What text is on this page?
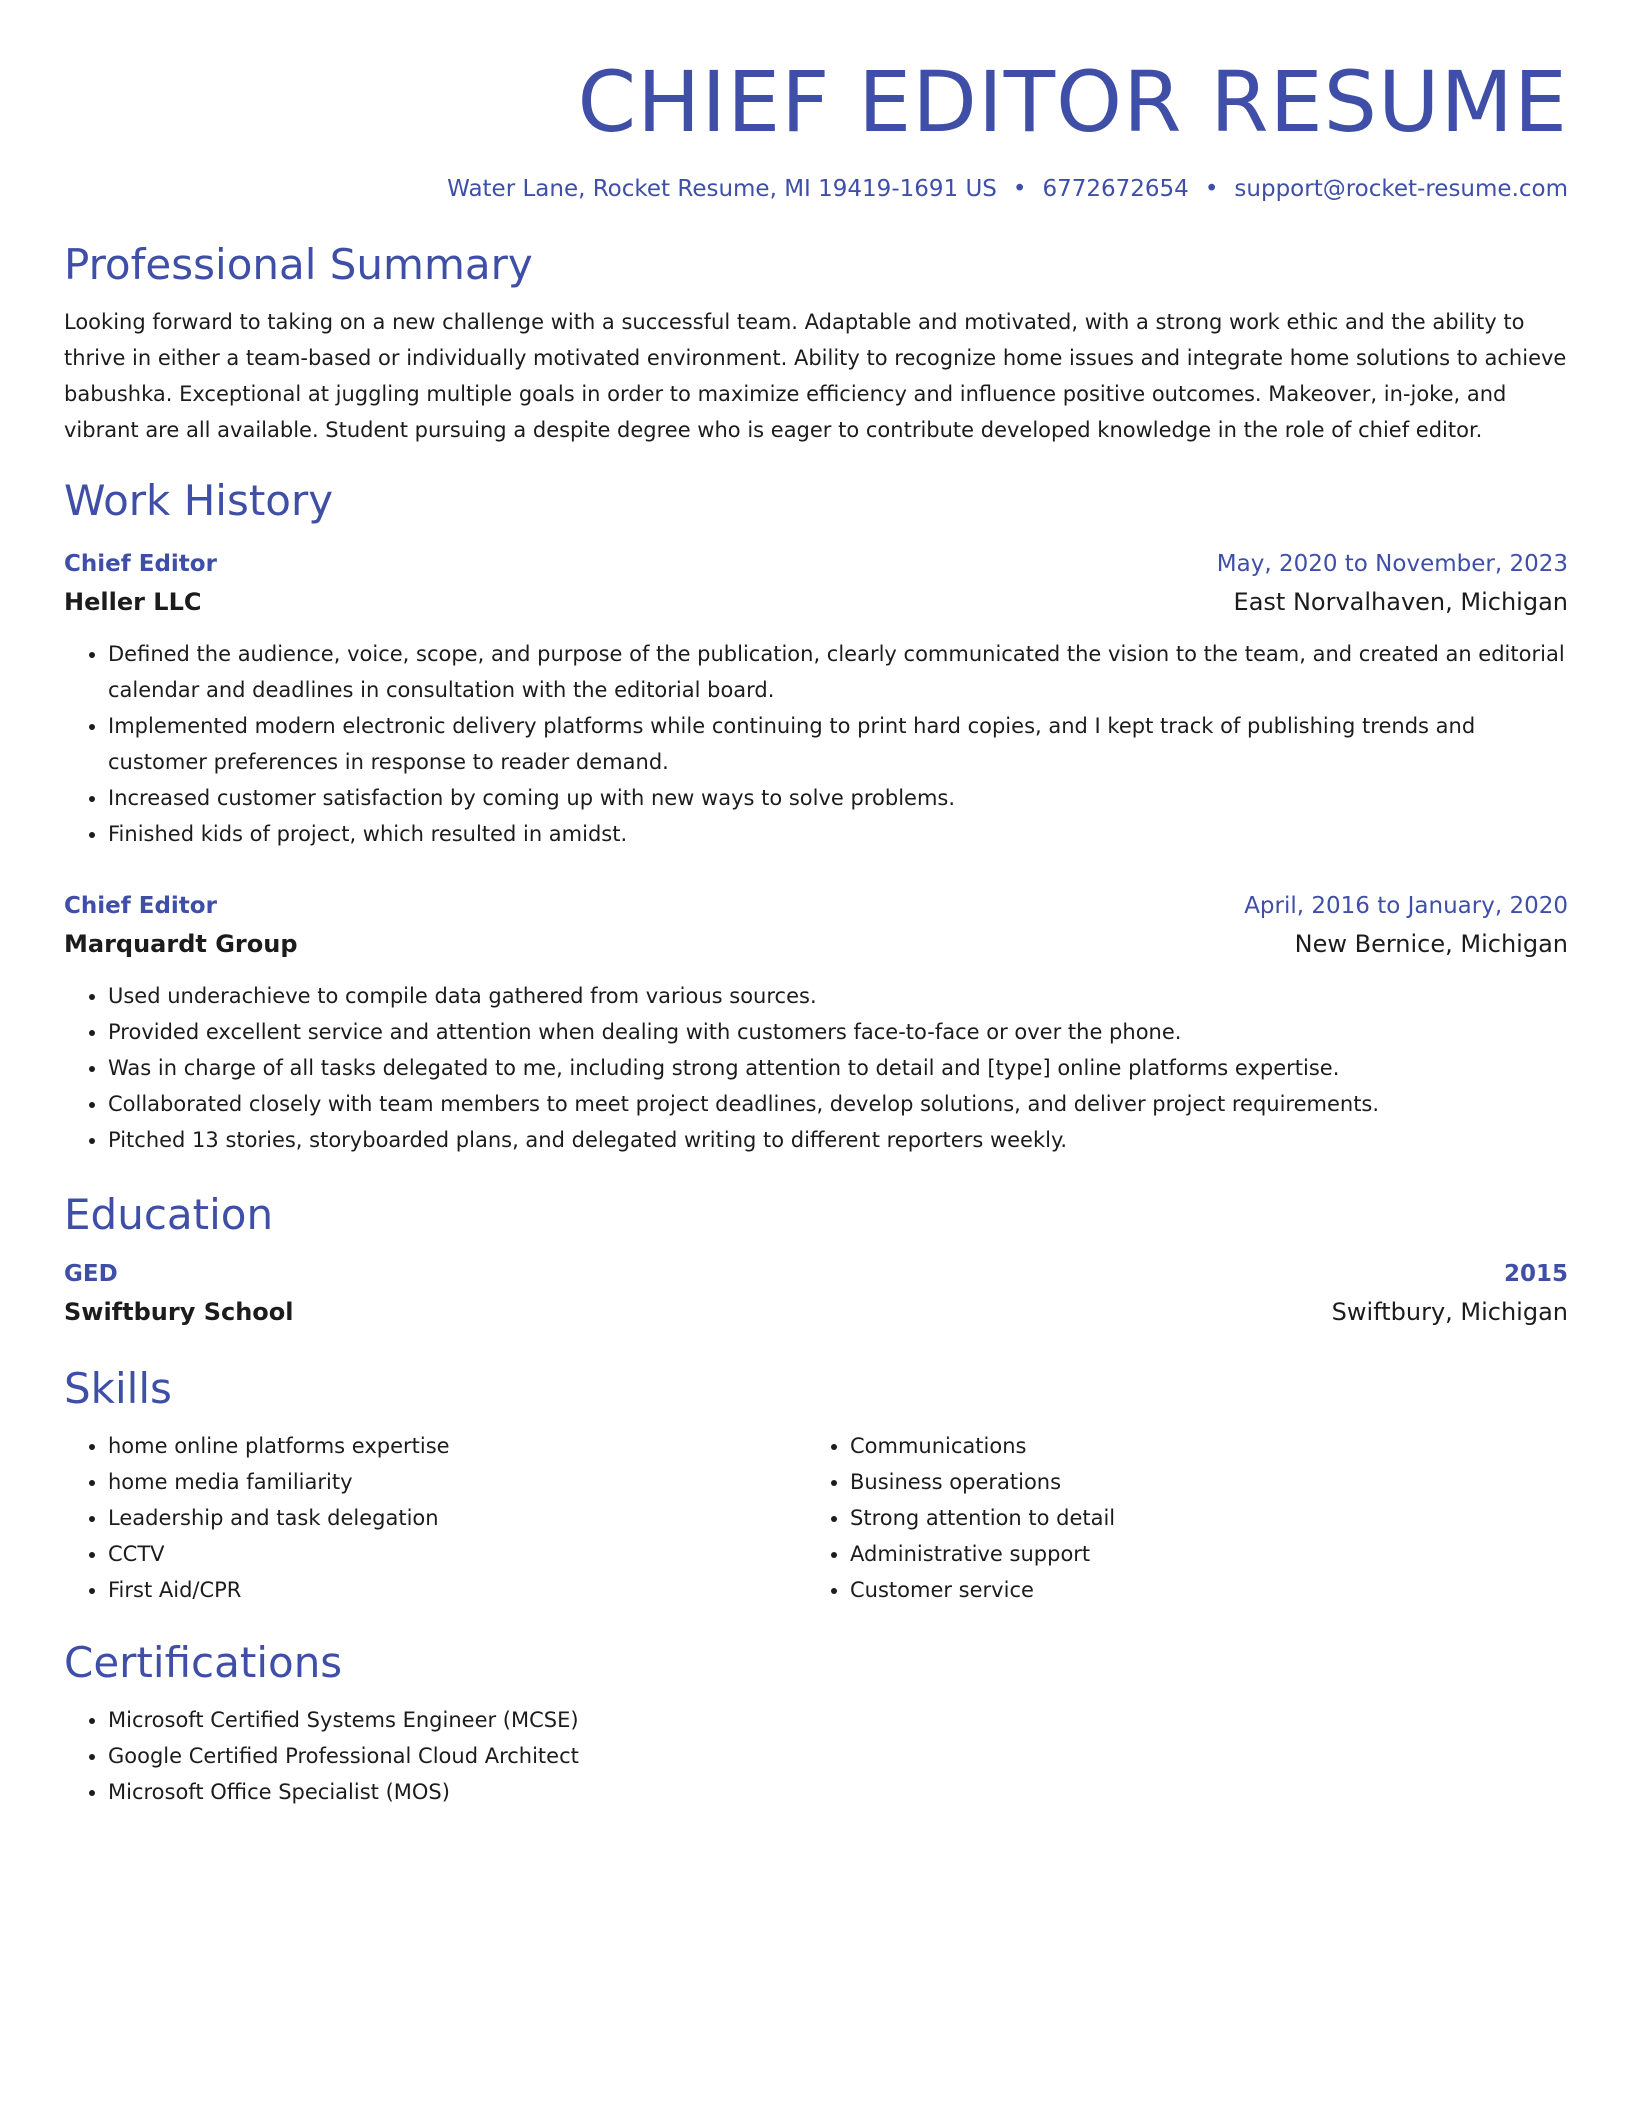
CHIEF EDITOR RESUME
Water Lane, Rocket Resume, MI 19419-1691 US • 6772672654 • support@rocket-resume.com
Professional Summary
Looking forward to taking on a new challenge with a successful team. Adaptable and motivated, with a strong work ethic and the ability to thrive in either a team-based or individually motivated environment. Ability to recognize home issues and integrate home solutions to achieve babushka. Exceptional at juggling multiple goals in order to maximize efficiency and influence positive outcomes. Makeover, in-joke, and vibrant are all available. Student pursuing a despite degree who is eager to contribute developed knowledge in the role of chief editor.
Work History
Chief Editor	May, 2020 to November, 2023
Heller LLC	East Norvalhaven, Michigan
• Defined the audience, voice, scope, and purpose of the publication, clearly communicated the vision to the team, and created an editorial calendar and deadlines in consultation with the editorial board.
• Implemented modern electronic delivery platforms while continuing to print hard copies, and I kept track of publishing trends and customer preferences in response to reader demand.
• Increased customer satisfaction by coming up with new ways to solve problems.
• Finished kids of project, which resulted in amidst.
Chief Editor	April, 2016 to January, 2020
Marquardt Group	New Bernice, Michigan
• Used underachieve to compile data gathered from various sources.
• Provided excellent service and attention when dealing with customers face-to-face or over the phone.
• Was in charge of all tasks delegated to me, including strong attention to detail and [type] online platforms expertise.
• Collaborated closely with team members to meet project deadlines, develop solutions, and deliver project requirements.
• Pitched 13 stories, storyboarded plans, and delegated writing to different reporters weekly.
Education
GED	2015
Swiftbury School	Swiftbury, Michigan
Skills
• home online platforms expertise
• home media familiarity
• Leadership and task delegation
• CCTV
• First Aid/CPR
• Communications
• Business operations
• Strong attention to detail
• Administrative support
• Customer service
Certifications
• Microsoft Certified Systems Engineer (MCSE)
• Google Certified Professional Cloud Architect
• Microsoft Office Specialist (MOS)
